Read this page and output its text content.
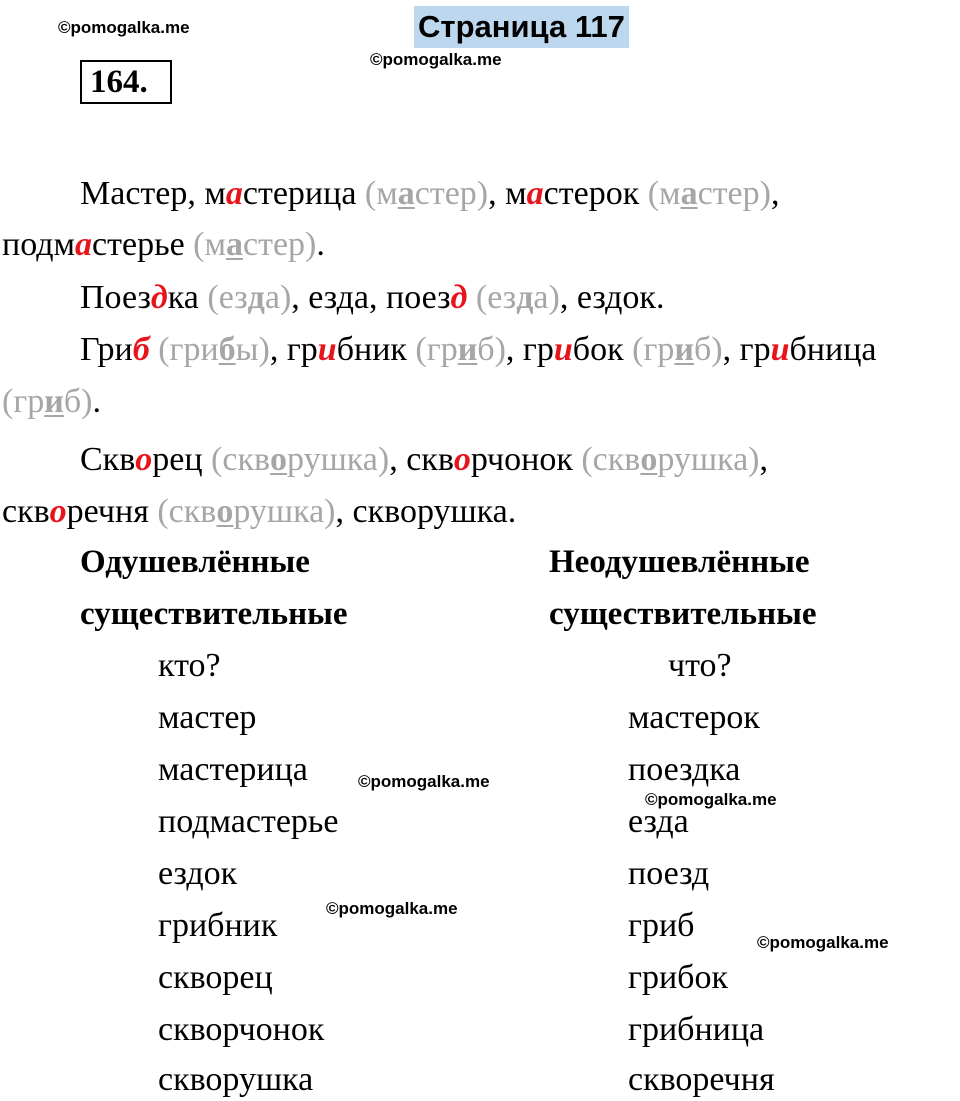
©pomogalka.me
©pomogalka.me
©pomogalka.me
©pomogalka.me
©pomogalka.me
©pomogalka.me
Страница 117
164.
Мастер, мастерица (мастер), мастерок (мастер),
подмастерье (мастер).
Поездка (езда), езда, поезд (езда), ездок.
Гриб (грибы), грибник (гриб), грибок (гриб), грибница
(гриб).
Скворец (скворушка), скворчонок (скворушка),
скворечня (скворушка), скворушка.
Одушевлённые
существительные
Неодушевлённые
существительные
кто?	что?
мастер
мастерица
подмастерье
ездок
грибник
скворец
скворчонок
скворушка
мастерок
поездка
езда
поезд
гриб
грибок
грибница
скворечня
